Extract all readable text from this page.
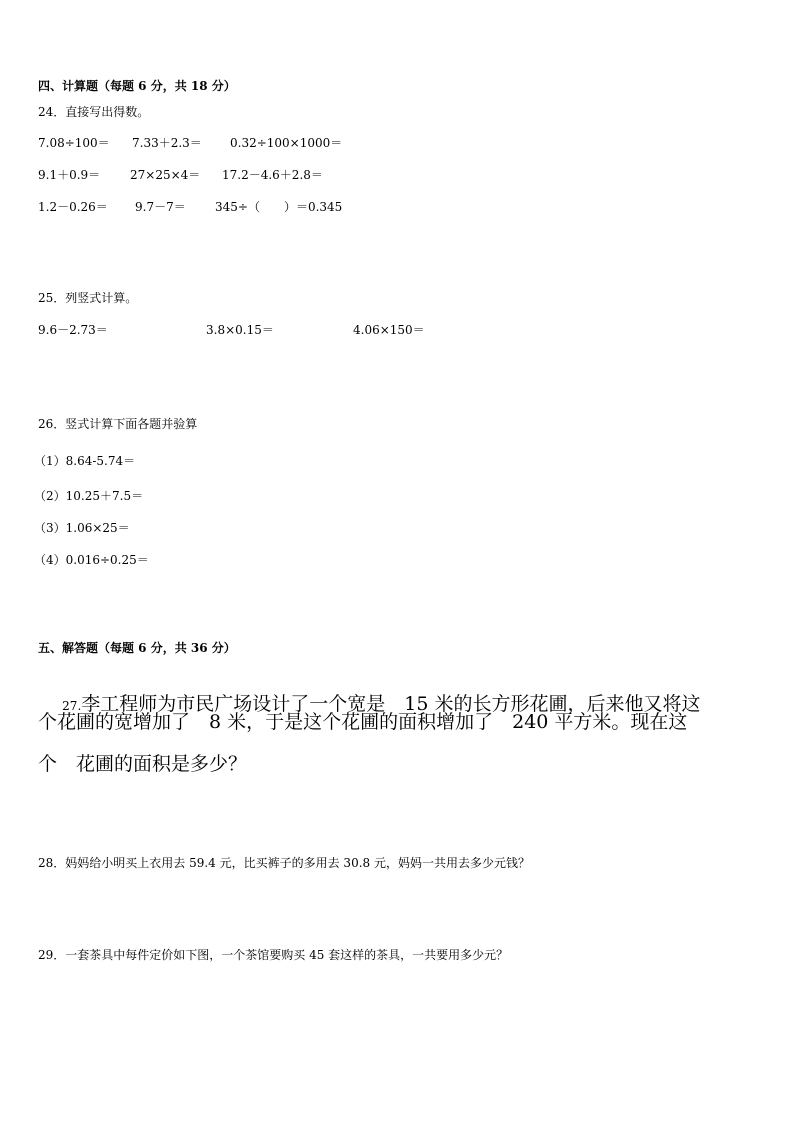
四、计算题（每题 6 分，共 18 分）
24．直接写出得数。
7.08÷100＝ 7.33＋2.3＝ 0.32÷100×1000＝
9.1＋0.9＝ 27×25×4＝ 17.2－4.6＋2.8＝
1.2－0.26＝ 9.7－7＝ 345÷（　　）＝0.345
25．列竖式计算。
9.6－2.73＝	3.8×0.15＝	4.06×150＝
26．竖式计算下面各题并验算
（1）8.64-5.74＝
（2）10.25＋7.5＝
（3）1.06×25＝
（4）0.016÷0.25＝
五、解答题（每题 6 分，共 36 分）

27.李工程师为市民广场设计了一个宽是　15 米的长方形花圃，后来他又将这

个花圃的宽增加了　8 米，于是这个花圃的面积增加了　240 平方米。现在这
个　花圃的面积是多少？
28．妈妈给小明买上衣用去 59.4 元，比买裤子的多用去 30.8 元，妈妈一共用去多少元钱？
29．一套茶具中每件定价如下图，一个茶馆要购买 45 套这样的茶具，一共要用多少元？
